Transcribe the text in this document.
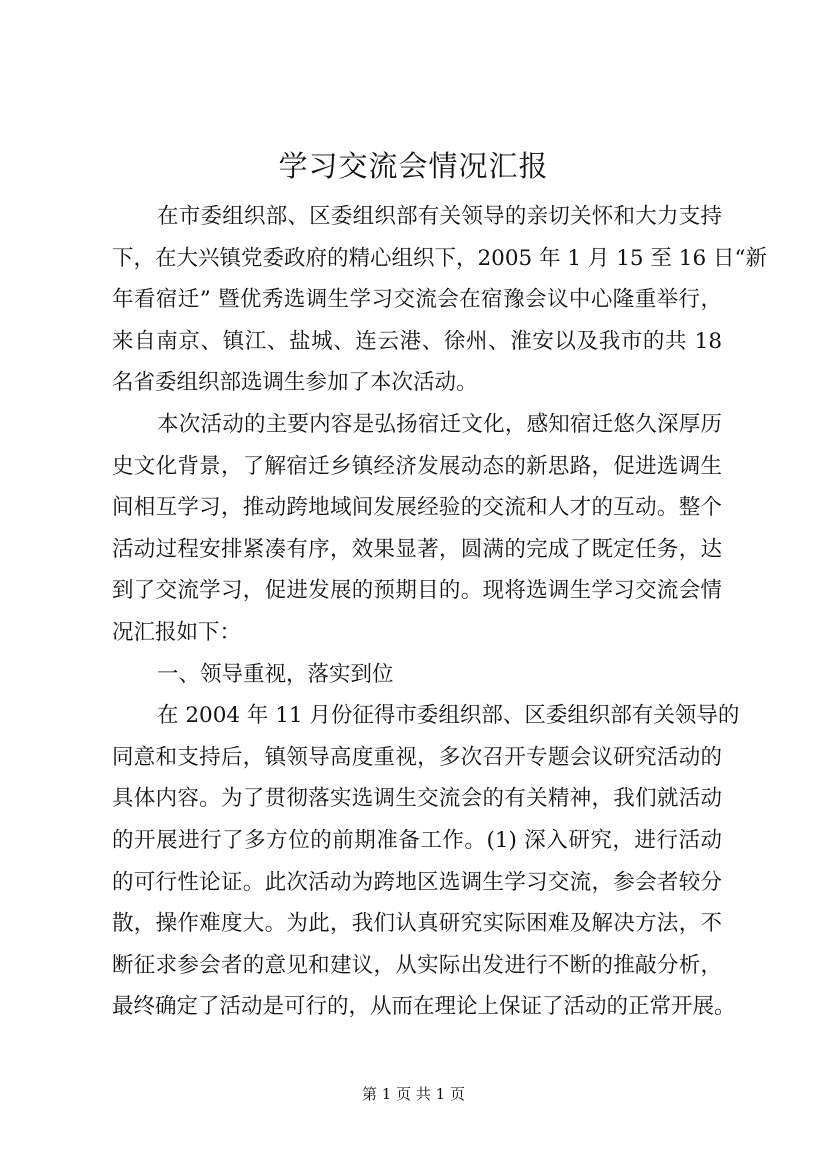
学习交流会情况汇报
在市委组织部、区委组织部有关领导的亲切关怀和大力支持
下，在大兴镇党委政府的精心组织下，2005 年 1 月 15 至 16 日“新
年看宿迁” 暨优秀选调生学习交流会在宿豫会议中心隆重举行，
来自南京、镇江、盐城、连云港、徐州、淮安以及我市的共 18
名省委组织部选调生参加了本次活动。
本次活动的主要内容是弘扬宿迁文化，感知宿迁悠久深厚历
史文化背景，了解宿迁乡镇经济发展动态的新思路，促进选调生
间相互学习，推动跨地域间发展经验的交流和人才的互动。整个
活动过程安排紧凑有序，效果显著，圆满的完成了既定任务，达
到了交流学习，促进发展的预期目的。现将选调生学习交流会情
况汇报如下：
一、领导重视，落实到位
在 2004 年 11 月份征得市委组织部、区委组织部有关领导的
同意和支持后，镇领导高度重视，多次召开专题会议研究活动的
具体内容。为了贯彻落实选调生交流会的有关精神，我们就活动
的开展进行了多方位的前期准备工作。(1) 深入研究，进行活动
的可行性论证。此次活动为跨地区选调生学习交流，参会者较分
散，操作难度大。为此，我们认真研究实际困难及解决方法，不
断征求参会者的意见和建议，从实际出发进行不断的推敲分析，
最终确定了活动是可行的，从而在理论上保证了活动的正常开展。
第 1 页 共 1 页
